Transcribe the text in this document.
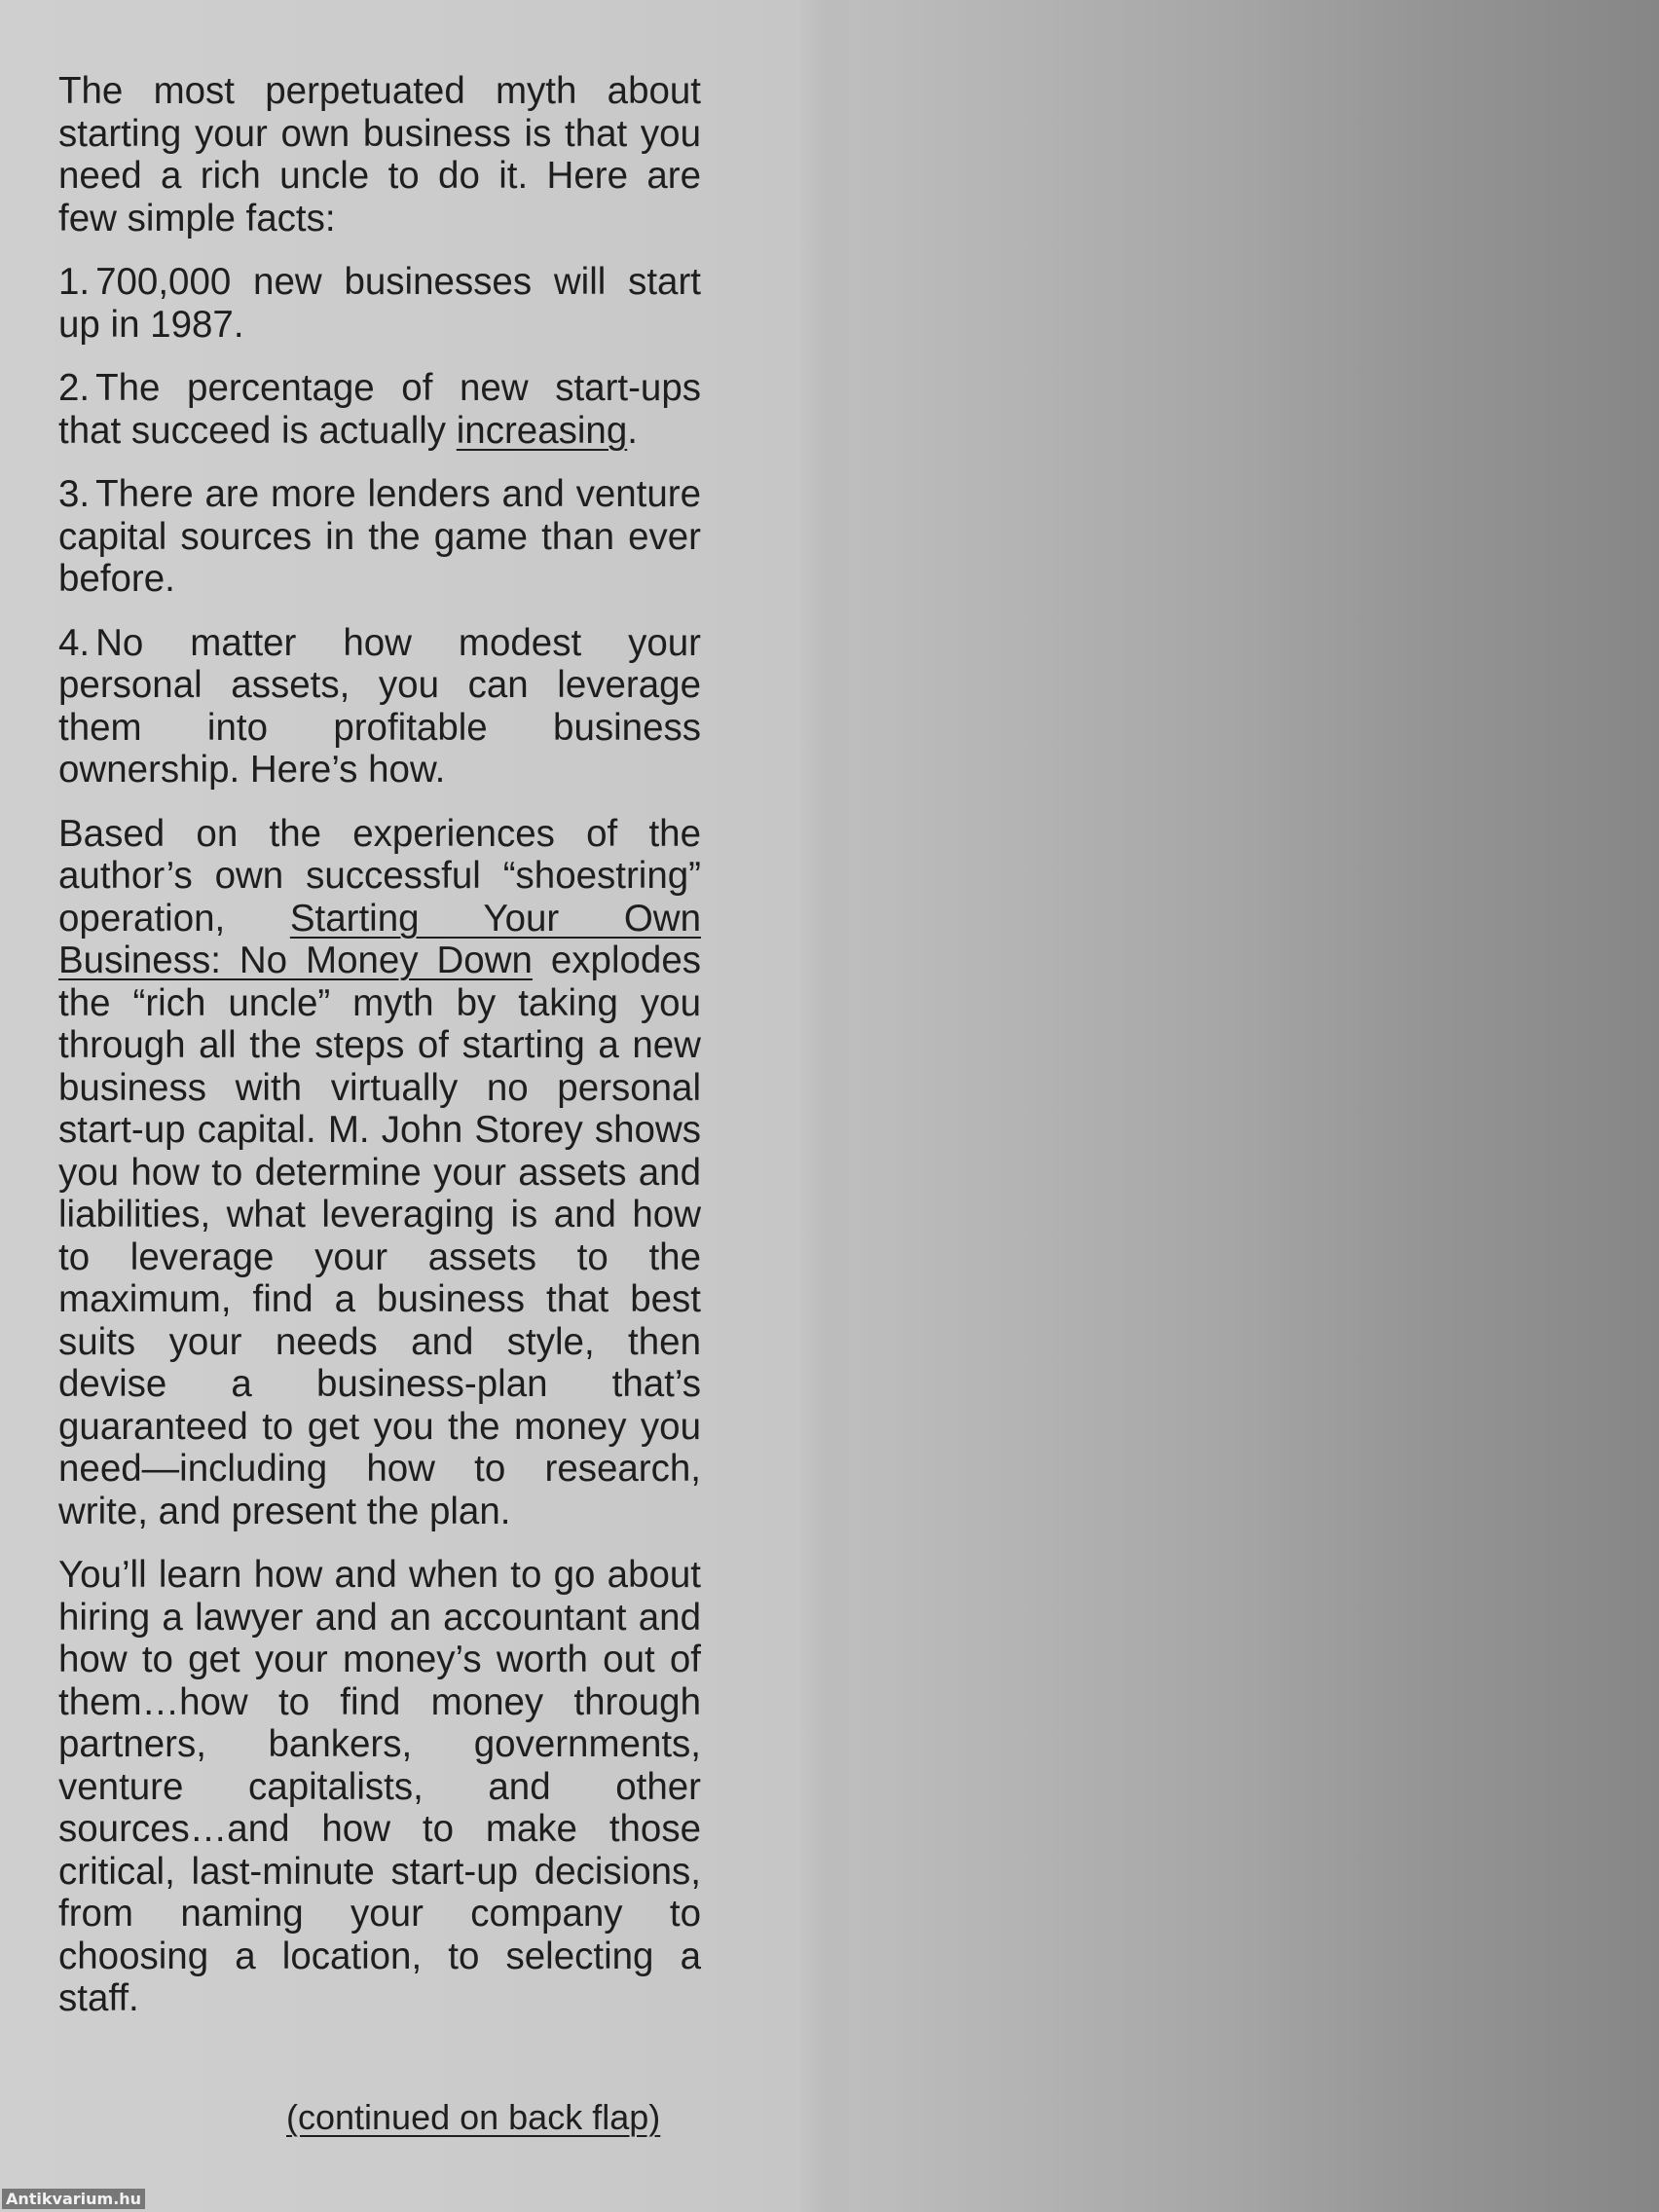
The most perpetuated myth about starting your own business is that you need a rich uncle to do it. Here are few simple facts:

1. 700,000 new businesses will start up in 1987.

2. The percentage of new start-ups that succeed is actually increasing.

3. There are more lenders and venture capital sources in the game than ever before.

4. No matter how modest your personal assets, you can leverage them into profitable business ownership. Here’s how.

Based on the experiences of the author’s own successful “shoestring” operation, Starting Your Own Business: No Money Down explodes the “rich uncle” myth by taking you through all the steps of starting a new business with virtually no personal start-up capital. M. John Storey shows you how to determine your assets and liabilities, what leveraging is and how to leverage your assets to the maximum, find a business that best suits your needs and style, then devise a business-plan that’s guaranteed to get you the money you need—including how to research, write, and present the plan.

You’ll learn how and when to go about hiring a lawyer and an accountant and how to get your money’s worth out of them…how to find money through partners, bankers, governments, venture capitalists, and other sources…and how to make those critical, last-minute start-up decisions, from naming your company to choosing a location, to selecting a staff.

(continued on back flap)
Antikvarium.hu
